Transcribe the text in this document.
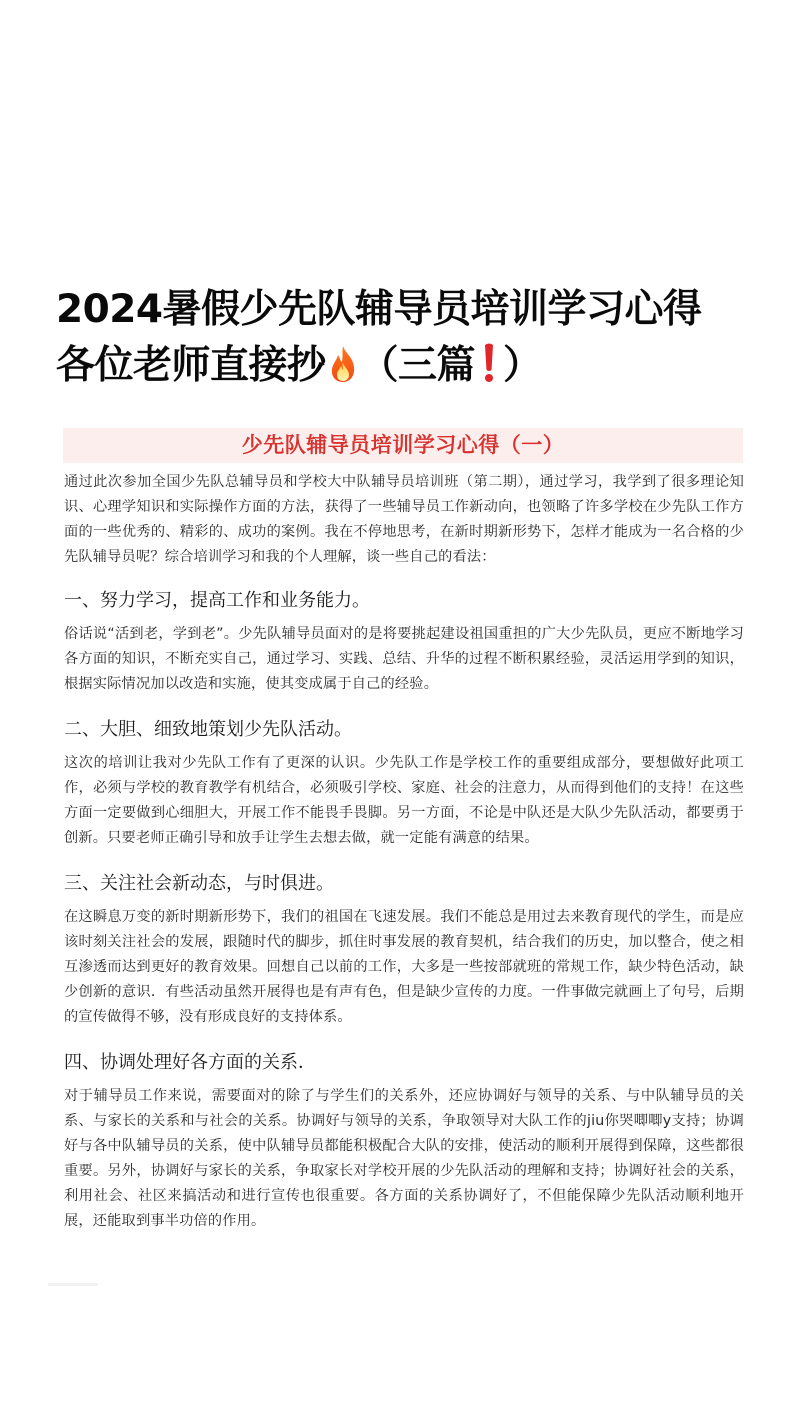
2024暑假少先队辅导员培训学习心得
各位老师直接抄 （三篇 ）
少先队辅导员培训学习心得（一）

通过此次参加全国少先队总辅导员和学校大中队辅导员培训班（第二期），通过学习，我学到了很多理论知识、心理学知识和实际操作方面的方法，获得了一些辅导员工作新动向，也领略了许多学校在少先队工作方面的一些优秀的、精彩的、成功的案例。我在不停地思考，在新时期新形势下，怎样才能成为一名合格的少先队辅导员呢？综合培训学习和我的个人理解，谈一些自己的看法：

一、努力学习，提高工作和业务能力。

俗话说“活到老，学到老”。少先队辅导员面对的是将要挑起建设祖国重担的广大少先队员，更应不断地学习各方面的知识，不断充实自己，通过学习、实践、总结、升华的过程不断积累经验，灵活运用学到的知识，根据实际情况加以改造和实施，使其变成属于自己的经验。

二、大胆、细致地策划少先队活动。

这次的培训让我对少先队工作有了更深的认识。少先队工作是学校工作的重要组成部分，要想做好此项工作，必须与学校的教育教学有机结合，必须吸引学校、家庭、社会的注意力，从而得到他们的支持！在这些方面一定要做到心细胆大，开展工作不能畏手畏脚。另一方面，不论是中队还是大队少先队活动，都要勇于创新。只要老师正确引导和放手让学生去想去做，就一定能有满意的结果。

三、关注社会新动态，与时俱进。

在这瞬息万变的新时期新形势下，我们的祖国在飞速发展。我们不能总是用过去来教育现代的学生，而是应该时刻关注社会的发展，跟随时代的脚步，抓住时事发展的教育契机，结合我们的历史，加以整合，使之相互渗透而达到更好的教育效果。回想自己以前的工作，大多是一些按部就班的常规工作，缺少特色活动，缺少创新的意识．有些活动虽然开展得也是有声有色，但是缺少宣传的力度。一件事做完就画上了句号，后期的宣传做得不够，没有形成良好的支持体系。

四、协调处理好各方面的关系．

对于辅导员工作来说，需要面对的除了与学生们的关系外，还应协调好与领导的关系、与中队辅导员的关系、与家长的关系和与社会的关系。协调好与领导的关系，争取领导对大队工作的jiu你哭唧唧y支持；协调好与各中队辅导员的关系，使中队辅导员都能积极配合大队的安排，使活动的顺利开展得到保障，这些都很重要。另外，协调好与家长的关系，争取家长对学校开展的少先队活动的理解和支持；协调好社会的关系，利用社会、社区来搞活动和进行宣传也很重要。各方面的关系协调好了，不但能保障少先队活动顺利地开展，还能取到事半功倍的作用。
